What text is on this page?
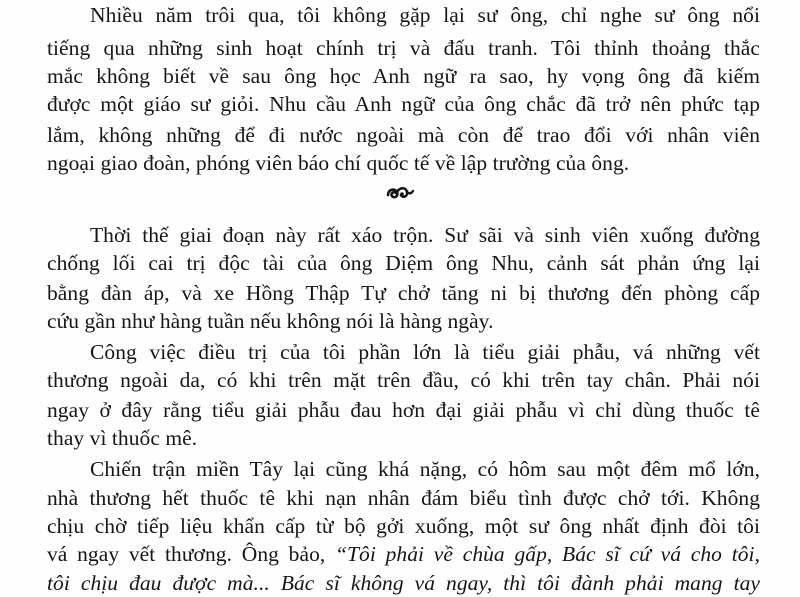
Nhiều năm trôi qua, tôi không gặp lại sư ông, chỉ nghe sư ông nổi
tiếng qua những sinh hoạt chính trị và đấu tranh. Tôi thỉnh thoảng thắc
mắc không biết về sau ông học Anh ngữ ra sao, hy vọng ông đã kiếm
được một giáo sư giỏi. Nhu cầu Anh ngữ của ông chắc đã trở nên phức tạp
lắm, không những để đi nước ngoài mà còn để trao đổi với nhân viên
ngoại giao đoàn, phóng viên báo chí quốc tế về lập trường của ông.
Thời thế giai đoạn này rất xáo trộn. Sư sãi và sinh viên xuống đường
chống lối cai trị độc tài của ông Diệm ông Nhu, cảnh sát phản ứng lại
bằng đàn áp, và xe Hồng Thập Tự chở tăng ni bị thương đến phòng cấp
cứu gần như hàng tuần nếu không nói là hàng ngày.
Công việc điều trị của tôi phần lớn là tiểu giải phẫu, vá những vết
thương ngoài da, có khi trên mặt trên đầu, có khi trên tay chân. Phải nói
ngay ở đây rằng tiểu giải phẫu đau hơn đại giải phẫu vì chỉ dùng thuốc tê
thay vì thuốc mê.
Chiến trận miền Tây lại cũng khá nặng, có hôm sau một đêm mổ lớn,
nhà thương hết thuốc tê khi nạn nhân đám biểu tình được chở tới. Không
chịu chờ tiếp liệu khẩn cấp từ bộ gởi xuống, một sư ông nhất định đòi tôi
vá ngay vết thương. Ông bảo, “Tôi phải về chùa gấp, Bác sĩ cứ vá cho tôi,
tôi chịu đau được mà... Bác sĩ không vá ngay, thì tôi đành phải mang tay
